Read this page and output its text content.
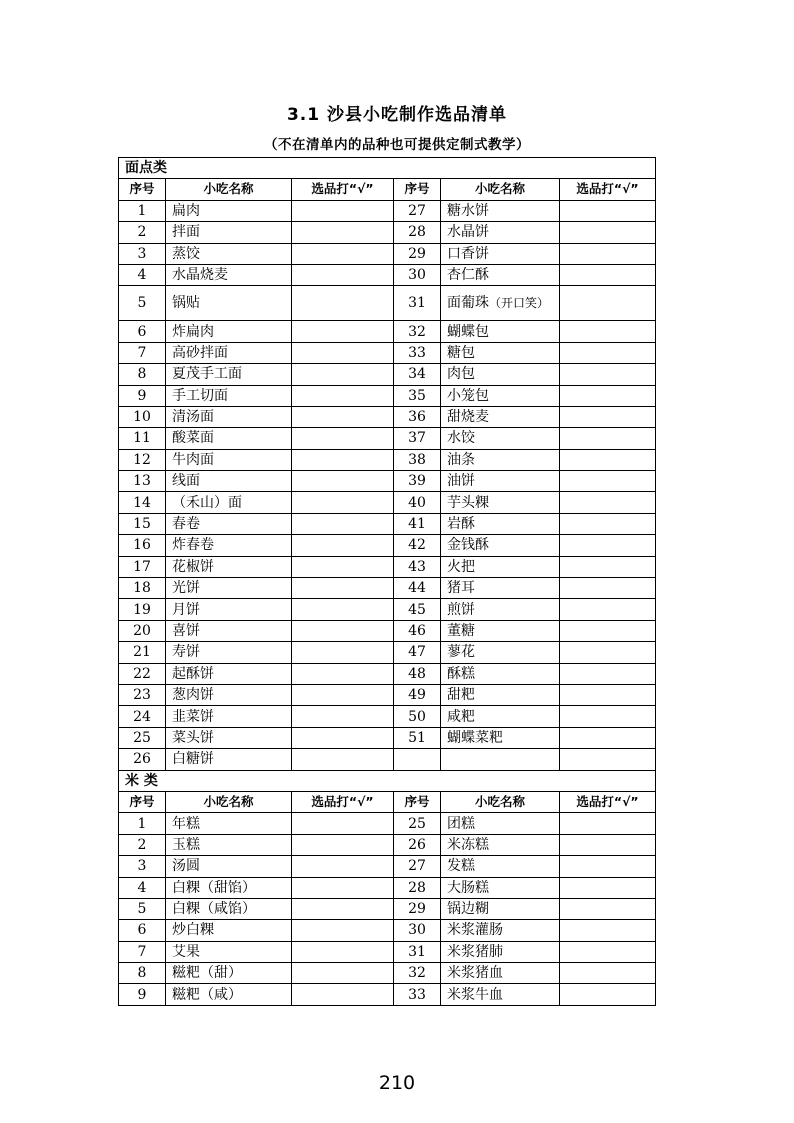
3.1 沙县小吃制作选品清单
（不在清单内的品种也可提供定制式教学）
面点类					
序号	小吃名称	选品打“√”	序号	小吃名称	选品打“√”
1	扁肉		27	糖水饼	
2	拌面		28	水晶饼	
3	蒸饺		29	口香饼	
4	水晶烧麦		30	杏仁酥	
5	锅贴		31	面葡珠（开口笑）	
6	炸扁肉		32	蝴蝶包	
7	高砂拌面		33	糖包	
8	夏茂手工面		34	肉包	
9	手工切面		35	小笼包	
10	清汤面		36	甜烧麦	
11	酸菜面		37	水饺	
12	牛肉面		38	油条	
13	线面		39	油饼	
14	（禾山）面		40	芋头粿	
15	春卷		41	岩酥	
16	炸春卷		42	金钱酥	
17	花椒饼		43	火把	
18	光饼		44	猪耳	
19	月饼		45	煎饼	
20	喜饼		46	董糖	
21	寿饼		47	蓼花	
22	起酥饼		48	酥糕	
23	葱肉饼		49	甜粑	
24	韭菜饼		50	咸粑	
25	菜头饼		51	蝴蝶菜粑	
26	白糖饼				
米 类					
序号	小吃名称	选品打“√”	序号	小吃名称	选品打“√”
1	年糕		25	团糕	
2	玉糕		26	米冻糕	
3	汤圆		27	发糕	
4	白粿（甜馅）		28	大肠糕	
5	白粿（咸馅）		29	锅边糊	
6	炒白粿		30	米浆灌肠	
7	艾果		31	米浆猪肺	
8	糍粑（甜）		32	米浆猪血	
9	糍粑（咸）		33	米浆牛血	
210
